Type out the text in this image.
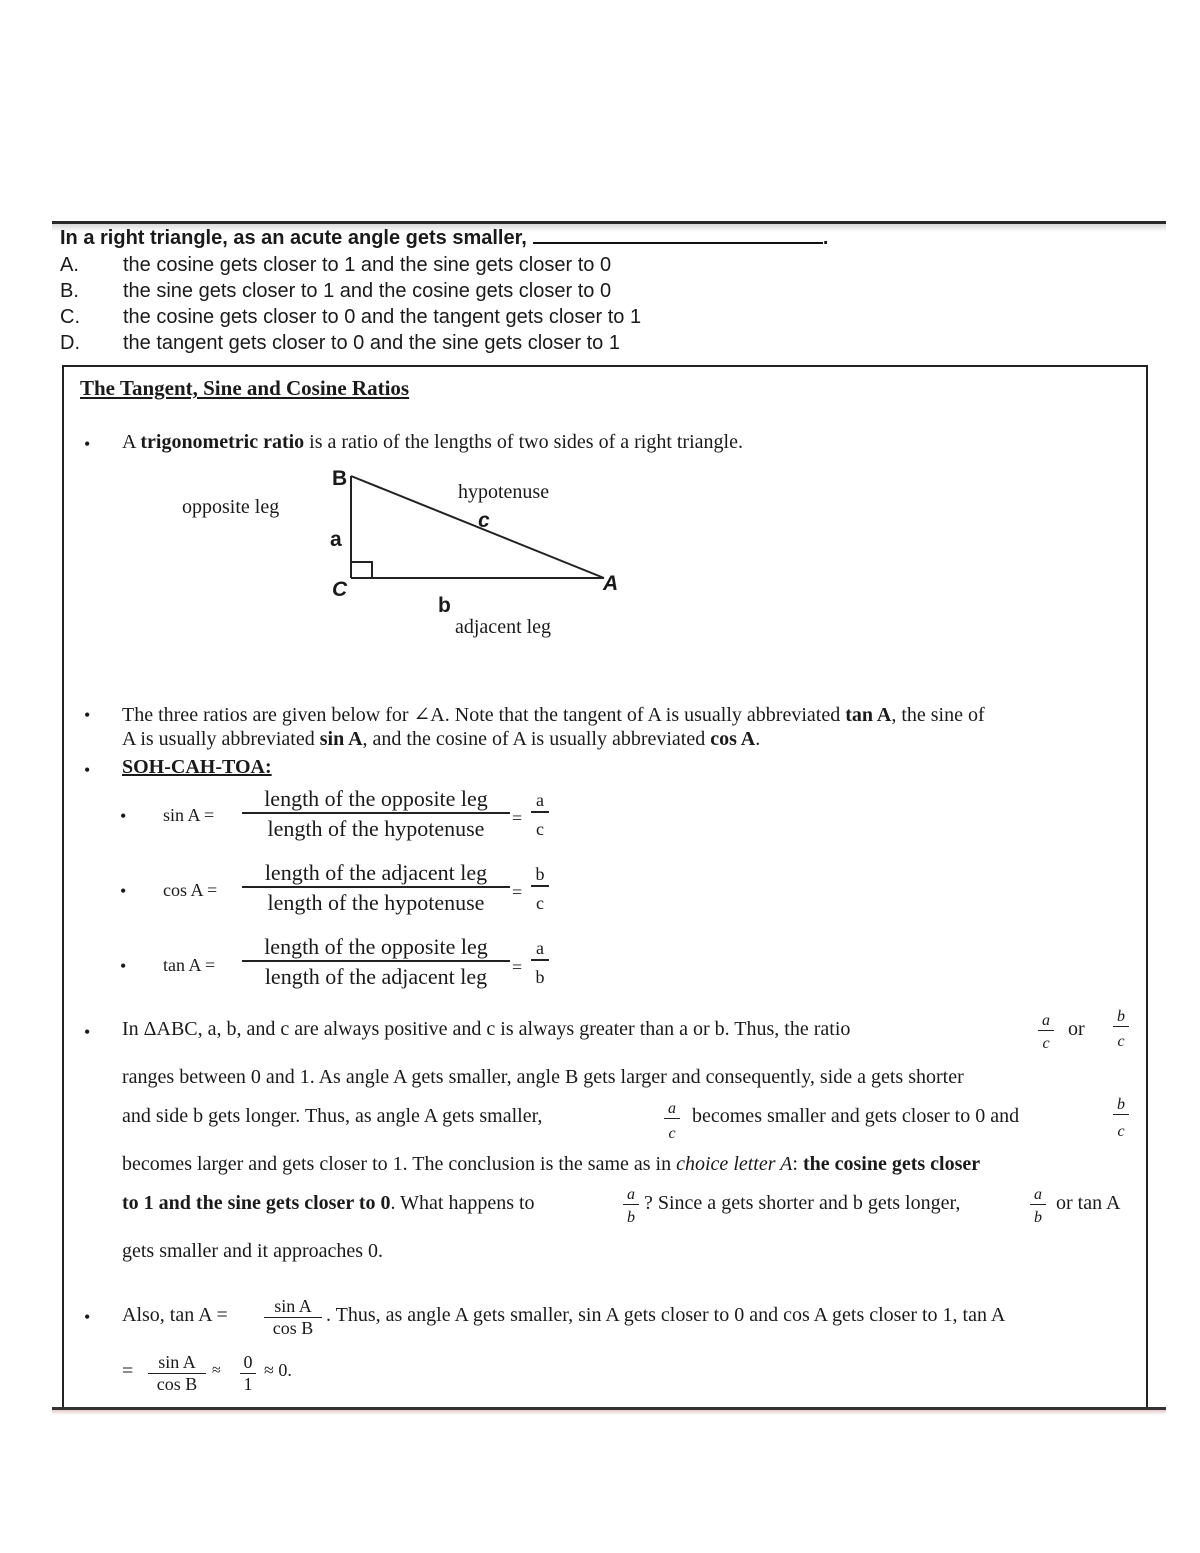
In a right triangle, as an acute angle gets smaller,	.
A. the cosine gets closer to 1 and the sine gets closer to 0
B. the sine gets closer to 1 and the cosine gets closer to 0
C. the cosine gets closer to 0 and the tangent gets closer to 1
D. the tangent gets closer to 0 and the sine gets closer to 1
The Tangent, Sine and Cosine Ratios
• A trigonometric ratio is a ratio of the lengths of two sides of a right triangle.
opposite leg
hypotenuse
adjacent leg
B
C	A
a
b
c
• The three ratios are given below for ∠A. Note that the tangent of A is usually abbreviated tan A, the sine of
A is usually abbreviated sin A, and the cosine of A is usually abbreviated cos A.
• SOH-CAH-TOA:
• sin A =
length of the opposite leg
length of the hypotenuse	=
a
c
• cos A =
length of the adjacent leg
length of the hypotenuse	=
b
c
• tan A =
length of the opposite leg
length of the adjacent leg	=
a
b
• In ΔABC, a, b, and c are always positive and c is always greater than a or b. Thus, the ratio	a
c
or
b
c
ranges between 0 and 1. As angle A gets smaller, angle B gets larger and consequently, side a gets shorter
and side b gets longer. Thus, as angle A gets smaller,	a
c
becomes smaller and gets closer to 0 and
b
c
becomes larger and gets closer to 1. The conclusion is the same as in choice letter A: the cosine gets closer
to 1 and the sine gets closer to 0. What happens to	a
b
? Since a gets shorter and b gets longer,	a
b
or tan A
gets smaller and it approaches 0.
• Also, tan A =	sin A
cos B
. Thus, as angle A gets smaller, sin A gets closer to 0 and cos A gets closer to 1, tan A
=	sin A
cos B
≈ 0
1
≈ 0.
